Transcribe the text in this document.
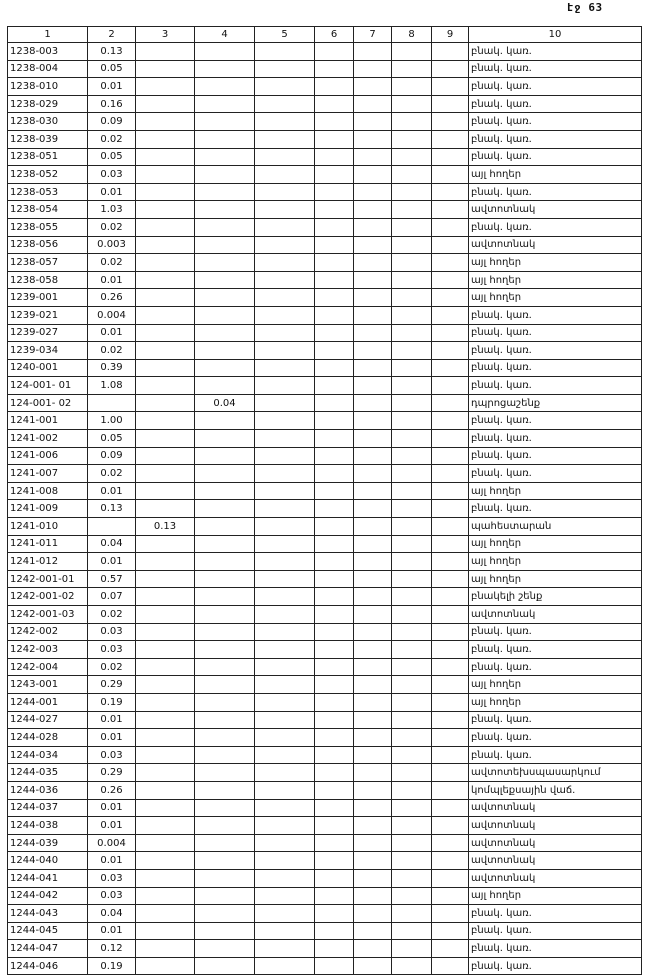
էջ 63
1	2	3	4	5	6	7	8	9	10
1238-003	0.13								բնակ. կառ.
1238-004	0.05								բնակ. կառ.
1238-010	0.01								բնակ. կառ.
1238-029	0.16								բնակ. կառ.
1238-030	0.09								բնակ. կառ.
1238-039	0.02								բնակ. կառ.
1238-051	0.05								բնակ. կառ.
1238-052	0.03								այլ հողեր
1238-053	0.01								բնակ. կառ.
1238-054	1.03								ավտոտնակ
1238-055	0.02								բնակ. կառ.
1238-056	0.003								ավտոտնակ
1238-057	0.02								այլ հողեր
1238-058	0.01								այլ հողեր
1239-001	0.26								այլ հողեր
1239-021	0.004								բնակ. կառ.
1239-027	0.01								բնակ. կառ.
1239-034	0.02								բնակ. կառ.
1240-001	0.39								բնակ. կառ.
124-001- 01	1.08								բնակ. կառ.
124-001- 02			0.04						դպրոցաշենք
1241-001	1.00								բնակ. կառ.
1241-002	0.05								բնակ. կառ.
1241-006	0.09								բնակ. կառ.
1241-007	0.02								բնակ. կառ.
1241-008	0.01								այլ հողեր
1241-009	0.13								բնակ. կառ.
1241-010		0.13							պահեստարան
1241-011	0.04								այլ հողեր
1241-012	0.01								այլ հողեր
1242-001-01	0.57								այլ հողեր
1242-001-02	0.07								բնակելի շենք
1242-001-03	0.02								ավտոտնակ
1242-002	0.03								բնակ. կառ.
1242-003	0.03								բնակ. կառ.
1242-004	0.02								բնակ. կառ.
1243-001	0.29								այլ հողեր
1244-001	0.19								այլ հողեր
1244-027	0.01								բնակ. կառ.
1244-028	0.01								բնակ. կառ.
1244-034	0.03								բնակ. կառ.
1244-035	0.29								ավտոտեխսպասարկում
1244-036	0.26								կոմպլեքսային վաճ.
1244-037	0.01								ավտոտնակ
1244-038	0.01								ավտոտնակ
1244-039	0.004								ավտոտնակ
1244-040	0.01								ավտոտնակ
1244-041	0.03								ավտոտնակ
1244-042	0.03								այլ հողեր
1244-043	0.04								բնակ. կառ.
1244-045	0.01								բնակ. կառ.
1244-047	0.12								բնակ. կառ.
1244-046	0.19								բնակ. կառ.
